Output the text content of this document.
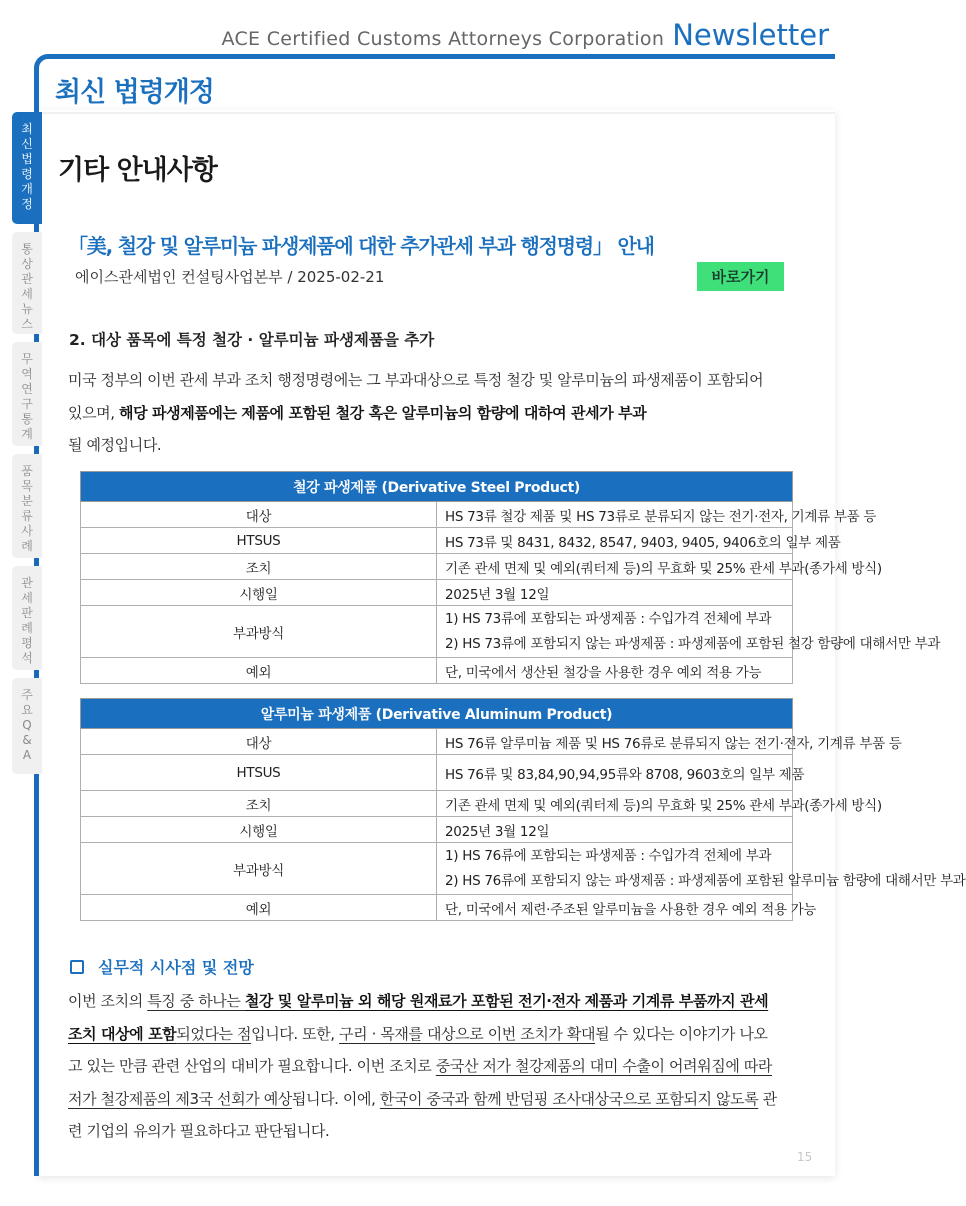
ACE Certified Customs Attorneys Corporation Newsletter
최신 법령개정
최
신
법
령
개
정
통
상
관
세
뉴
스
무
역
연
구
통
계
품
목
분
류
사
례
관
세
판
례
평
석
주
요
Q
&
A
기타 안내사항
「美, 철강 및 알루미늄 파생제품에 대한 추가관세 부과 행정명령」 안내
에이스관세법인 컨설팅사업본부 / 2025-02-21	바로가기
2. 대상 품목에 특정 철강 · 알루미늄 파생제품을 추가
미국 정부의 이번 관세 부과 조치 행정명령에는 그 부과대상으로 특정 철강 및 알루미늄의 파생제품이 포함되어 있으며, 해당 파생제품에는 제품에 포함된 철강 혹은 알루미늄의 함량에 대하여 관세가 부과
될 예정입니다.
철강 파생제품 (Derivative Steel Product)	
대상	HS 73류 철강 제품 및 HS 73류로 분류되지 않는 전기·전자, 기계류 부품 등
HTSUS	HS 73류 및 8431, 8432, 8547, 9403, 9405, 9406호의 일부 제품
조치	기존 관세 면제 및 예외(쿼터제 등)의 무효화 및 25% 관세 부과(종가세 방식)
시행일	2025년 3월 12일
부과방식	1) HS 73류에 포함되는 파생제품 : 수입가격 전체에 부과
2) HS 73류에 포함되지 않는 파생제품 : 파생제품에 포함된 철강 함량에 대해서만 부과
예외	단, 미국에서 생산된 철강을 사용한 경우 예외 적용 가능
알루미늄 파생제품 (Derivative Aluminum Product)	
대상	HS 76류 알루미늄 제품 및 HS 76류로 분류되지 않는 전기·전자, 기계류 부품 등
HTSUS	HS 76류 및 83,84,90,94,95류와 8708, 9603호의 일부 제품
조치	기존 관세 면제 및 예외(쿼터제 등)의 무효화 및 25% 관세 부과(종가세 방식)
시행일	2025년 3월 12일
부과방식	1) HS 76류에 포함되는 파생제품 : 수입가격 전체에 부과
2) HS 76류에 포함되지 않는 파생제품 : 파생제품에 포함된 알루미늄 함량에 대해서만 부과
예외	단, 미국에서 제련·주조된 알루미늄을 사용한 경우 예외 적용 가능
실무적 시사점 및 전망
이번 조치의 특징 중 하나는 철강 및 알루미늄 외 해당 원재료가 포함된 전기·전자 제품과 기계류 부품까지 관세조치 대상에 포함되었다는 점입니다. 또한, 구리 · 목재를 대상으로 이번 조치가 확대될 수 있다는 이야기가 나오고 있는 만큼 관련 산업의 대비가 필요합니다. 이번 조치로 중국산 저가 철강제품의 대미 수출이 어려워짐에 따라 저가 철강제품의 제3국 선회가 예상됩니다. 이에, 한국이 중국과 함께 반덤핑 조사대상국으로 포함되지 않도록 관련 기업의 유의가 필요하다고 판단됩니다.
15
